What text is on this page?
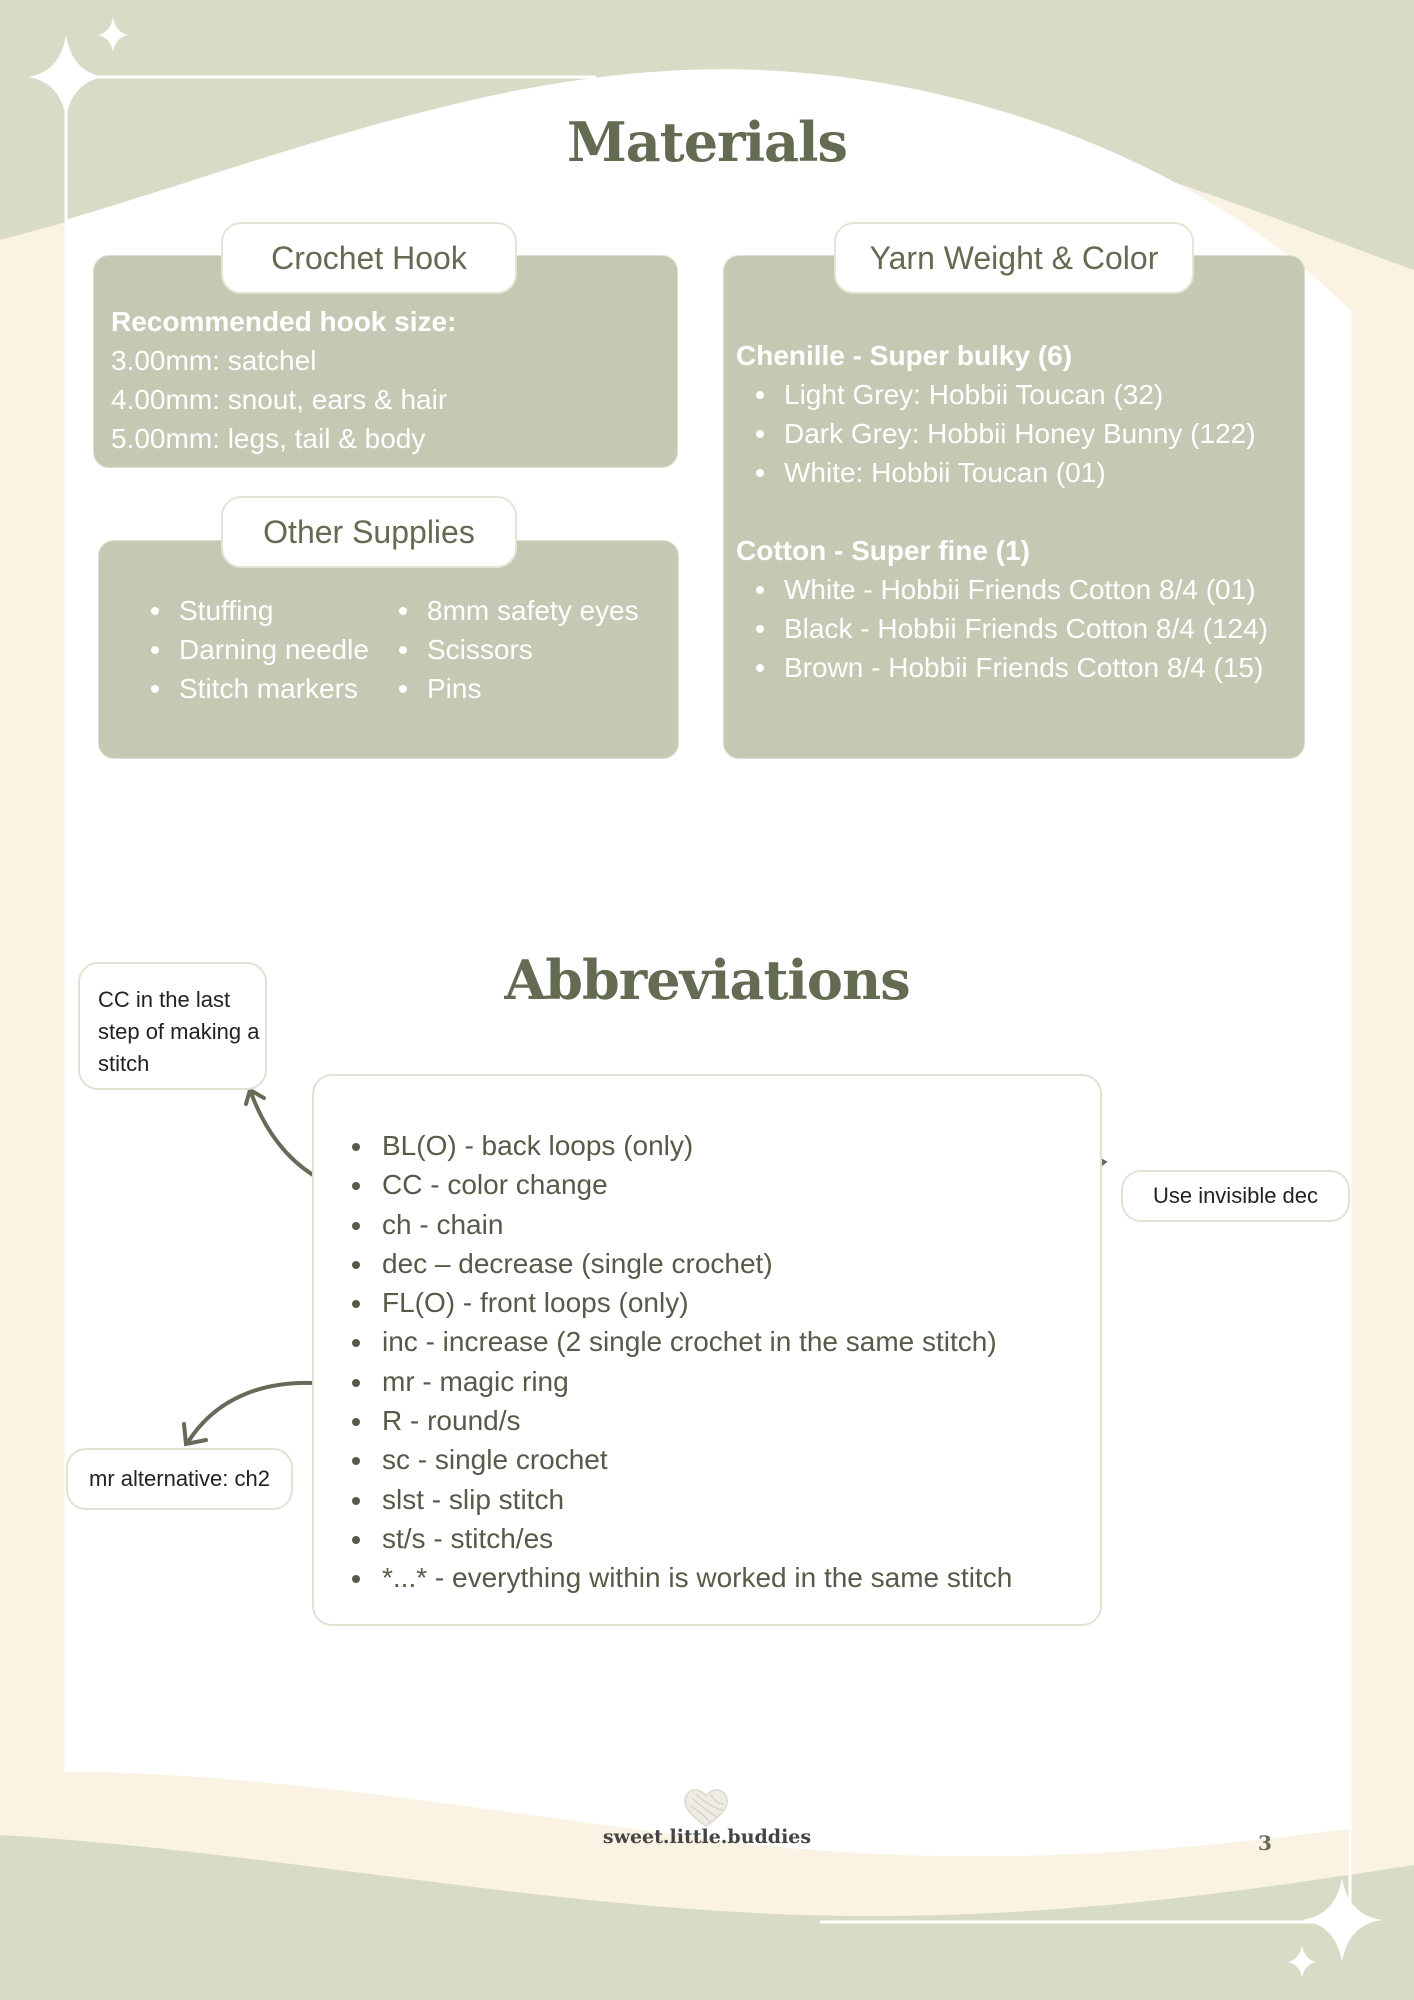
Materials
Recommended hook size:
3.00mm: satchel
4.00mm: snout, ears & hair
5.00mm: legs, tail & body
Crochet Hook
Stuffing
Darning needle
Stitch markers
8mm safety eyes
Scissors
Pins
Other Supplies
Chenille - Super bulky (6)
Light Grey: Hobbii Toucan (32)
Dark Grey: Hobbii Honey Bunny (122)
White: Hobbii Toucan (01)
Cotton - Super fine (1)
White - Hobbii Friends Cotton 8/4 (01)
Black - Hobbii Friends Cotton 8/4 (124)
Brown - Hobbii Friends Cotton 8/4 (15)
Yarn Weight & Color
Abbreviations
BL(O) - back loops (only)
CC - color change
ch - chain
dec – decrease (single crochet)
FL(O) - front loops (only)
inc - increase (2 single crochet in the same stitch)
mr - magic ring
R - round/s
sc - single crochet
slst - slip stitch
st/s - stitch/es
*...* - everything within is worked in the same stitch
CC in the last step of making a stitch
Use invisible dec
mr alternative: ch2
sweet.little.buddies	3
